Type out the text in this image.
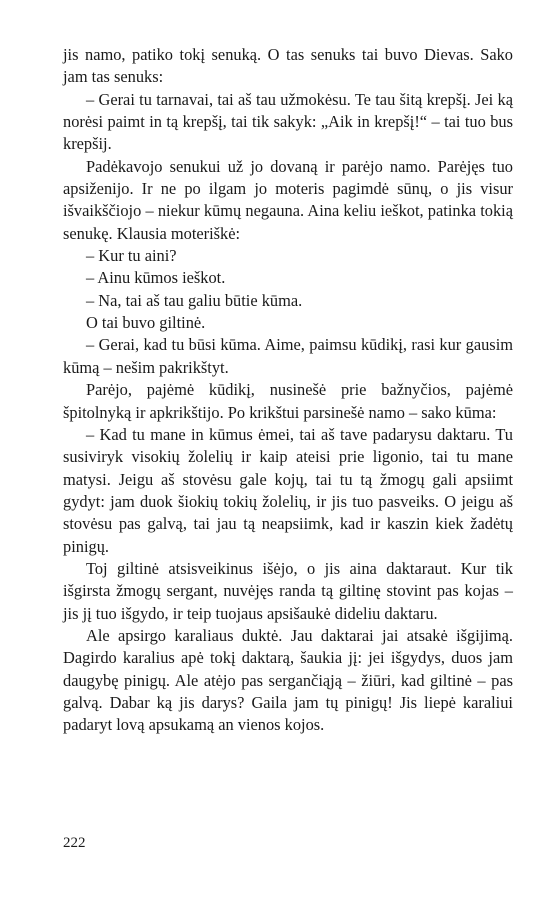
jis namo, patiko tokį senuką. O tas senuks tai buvo Dievas. Sako jam tas senuks:

– Gerai tu tarnavai, tai aš tau užmokėsu. Te tau šitą krepšį. Jei ką norėsi paimt in tą krepšį, tai tik sakyk: „Aik in krepšį!“ – tai tuo bus krepšij.

Padėkavojo senukui už jo dovaną ir parėjo namo. Parėjęs tuo apsiženijo. Ir ne po ilgam jo moteris pagimdė sūnų, o jis visur išvaikščiojo – niekur kūmų negauna. Aina keliu ieškot, patinka tokią senukę. Klausia moteriškė:

– Kur tu aini?

– Ainu kūmos ieškot.

– Na, tai aš tau galiu būtie kūma.

O tai buvo giltinė.

– Gerai, kad tu būsi kūma. Aime, paimsu kūdikį, rasi kur gausim kūmą – nešim pakrikštyt.

Parėjo, pajėmė kūdikį, nusinešė prie bažnyčios, pajėmė špitolnyką ir apkrikštijo. Po krikštui parsinešė namo – sako kūma:

– Kad tu mane in kūmus ėmei, tai aš tave padarysu daktaru. Tu susiviryk visokių žolelių ir kaip ateisi prie ligonio, tai tu mane matysi. Jeigu aš stovėsu gale kojų, tai tu tą žmogų gali apsiimt gydyt: jam duok šiokių tokių žolelių, ir jis tuo pasveiks. O jeigu aš stovėsu pas galvą, tai jau tą neapsiimk, kad ir kaszin kiek žadėtų pinigų.

Toj giltinė atsisveikinus išėjo, o jis aina daktaraut. Kur tik išgirsta žmogų sergant, nuvėjęs randa tą giltinę stovint pas kojas – jis jį tuo išgydo, ir teip tuojaus apsišaukė dideliu daktaru.

Ale apsirgo karaliaus duktė. Jau daktarai jai atsakė išgijimą. Dagirdo karalius apė tokį daktarą, šaukia jį: jei išgydys, duos jam daugybę pinigų. Ale atėjo pas sergančiąją – žiūri, kad giltinė – pas galvą. Dabar ką jis darys? Gaila jam tų pinigų! Jis liepė karaliui padaryt lovą apsukamą an vienos kojos.

222
